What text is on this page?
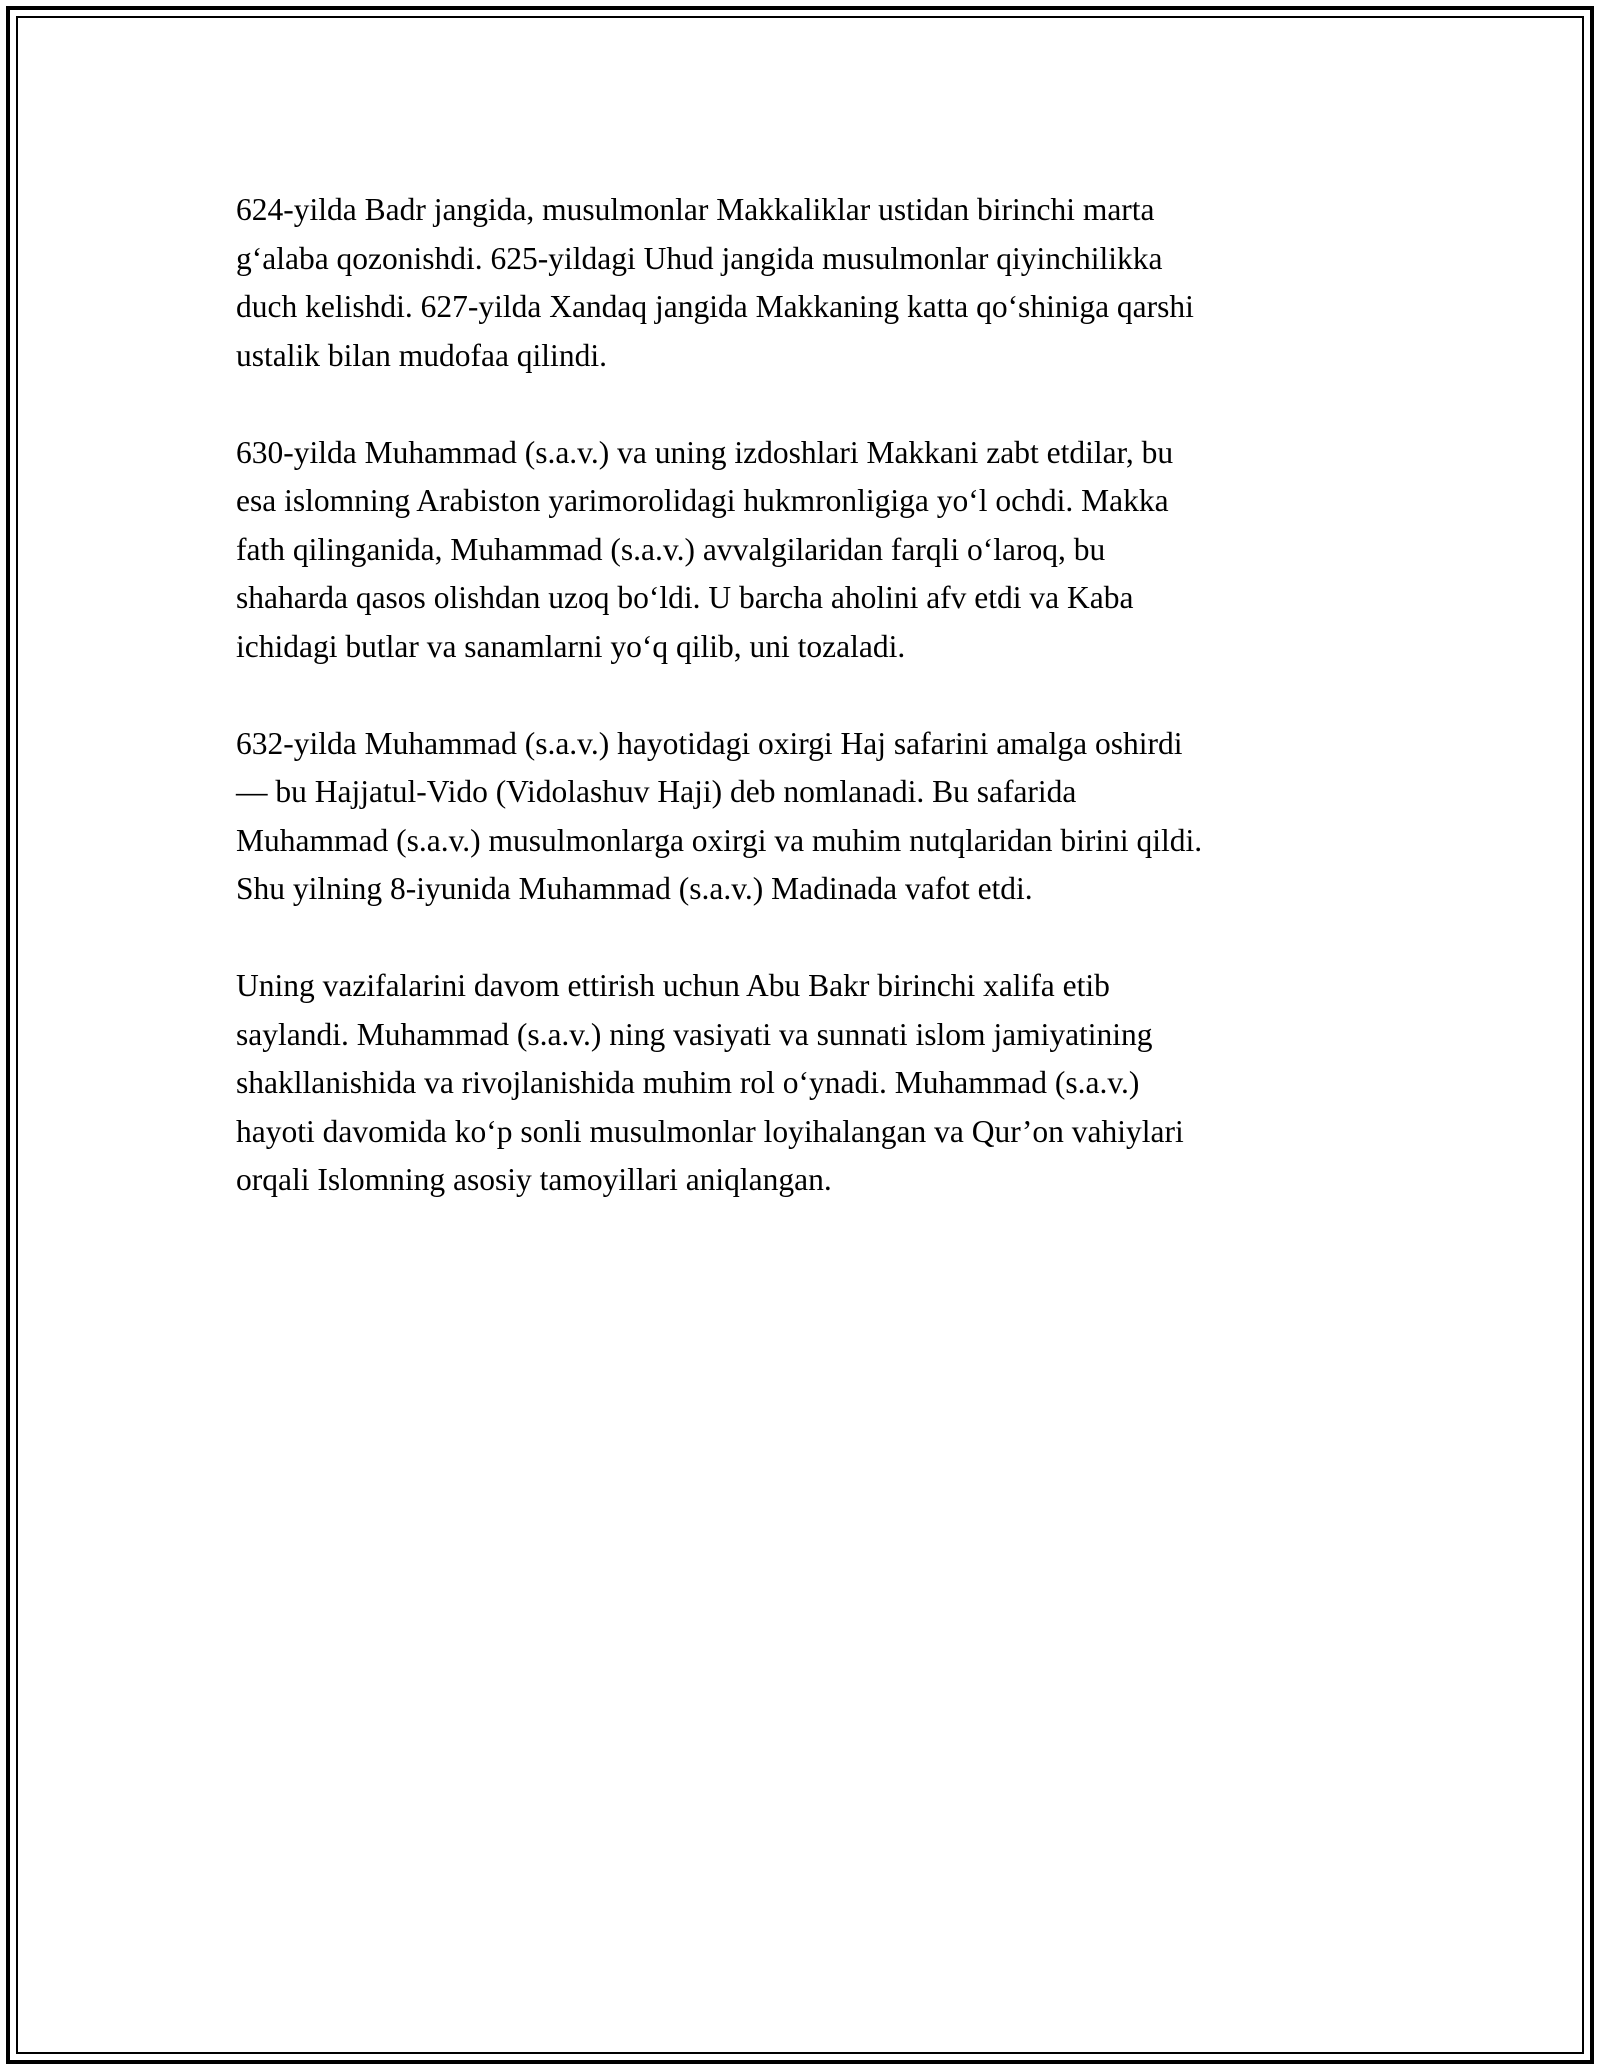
624-yilda Badr jangida, musulmonlar Makkaliklar ustidan birinchi marta
g‘alaba qozonishdi. 625-yildagi Uhud jangida musulmonlar qiyinchilikka
duch kelishdi. 627-yilda Xandaq jangida Makkaning katta qo‘shiniga qarshi
ustalik bilan mudofaa qilindi.

630-yilda Muhammad (s.a.v.) va uning izdoshlari Makkani zabt etdilar, bu
esa islomning Arabiston yarimorolidagi hukmronligiga yo‘l ochdi. Makka
fath qilinganida, Muhammad (s.a.v.) avvalgilaridan farqli o‘laroq, bu
shaharda qasos olishdan uzoq bo‘ldi. U barcha aholini afv etdi va Kaba
ichidagi butlar va sanamlarni yo‘q qilib, uni tozaladi.

632-yilda Muhammad (s.a.v.) hayotidagi oxirgi Haj safarini amalga oshirdi
— bu Hajjatul-Vido (Vidolashuv Haji) deb nomlanadi. Bu safarida
Muhammad (s.a.v.) musulmonlarga oxirgi va muhim nutqlaridan birini qildi.
Shu yilning 8-iyunida Muhammad (s.a.v.) Madinada vafot etdi.

Uning vazifalarini davom ettirish uchun Abu Bakr birinchi xalifa etib
saylandi. Muhammad (s.a.v.) ning vasiyati va sunnati islom jamiyatining
shakllanishida va rivojlanishida muhim rol o‘ynadi. Muhammad (s.a.v.)
hayoti davomida ko‘p sonli musulmonlar loyihalangan va Qur’on vahiylari
orqali Islomning asosiy tamoyillari aniqlangan.
